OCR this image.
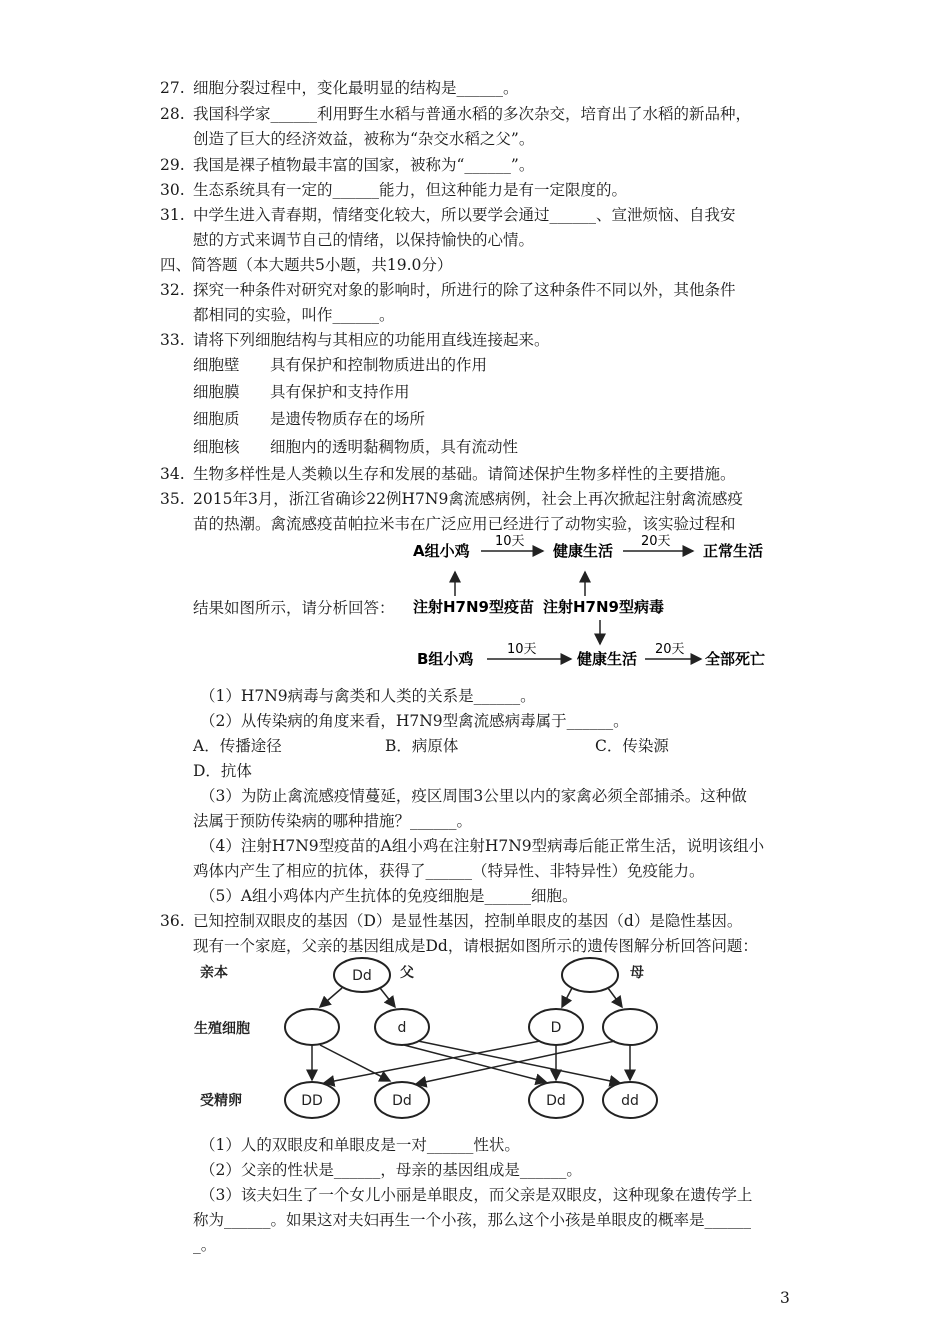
27. 细胞分裂过程中，变化最明显的结构是______。
28. 我国科学家______利用野生水稻与普通水稻的多次杂交，培育出了水稻的新品种，
创造了巨大的经济效益，被称为“杂交水稻之父”。
29. 我国是裸子植物最丰富的国家，被称为“______”。
30. 生态系统具有一定的______能力，但这种能力是有一定限度的。
31. 中学生进入青春期，情绪变化较大，所以要学会通过______、宣泄烦恼、自我安
慰的方式来调节自己的情绪，以保持愉快的心情。
四、简答题（本大题共5小题，共19.0分）
32. 探究一种条件对研究对象的影响时，所进行的除了这种条件不同以外，其他条件
都相同的实验，叫作______。
33. 请将下列细胞结构与其相应的功能用直线连接起来。
细胞壁 具有保护和控制物质进出的作用
细胞膜 具有保护和支持作用
细胞质 是遗传物质存在的场所
细胞核 细胞内的透明黏稠物质，具有流动性
34. 生物多样性是人类赖以生存和发展的基础。请简述保护生物多样性的主要措施。
35. 2015年3月，浙江省确诊22例H7N9禽流感病例，社会上再次掀起注射禽流感疫
苗的热潮。禽流感疫苗帕拉米韦在广泛应用已经进行了动物实验，该实验过程和
结果如图所示，请分析回答：
A组小鸡
10天
健康生活
20天
正常生活
注射H7N9型疫苗 注射H7N9型病毒
B组小鸡
10天
健康生活
20天
全部死亡
（1）H7N9病毒与禽类和人类的关系是______。
（2）从传染病的角度来看，H7N9型禽流感病毒属于______。
A．传播途径	B．病原体	C．传染源
D．抗体
（3）为防止禽流感疫情蔓延，疫区周围3公里以内的家禽必须全部捕杀。这种做
法属于预防传染病的哪种措施？______。
（4）注射H7N9型疫苗的A组小鸡在注射H7N9型病毒后能正常生活，说明该组小
鸡体内产生了相应的抗体，获得了______（特异性、非特异性）免疫能力。
（5）A组小鸡体内产生抗体的免疫细胞是______细胞。
36. 已知控制双眼皮的基因（D）是显性基因，控制单眼皮的基因（d）是隐性基因。
现有一个家庭，父亲的基因组成是Dd，请根据如图所示的遗传图解分析回答问题：
亲本
生殖细胞
受精卵
父	母
Dd
d	D
DD	Dd	Dd	dd
（1）人的双眼皮和单眼皮是一对______性状。
（2）父亲的性状是______，母亲的基因组成是______。
（3）该夫妇生了一个女儿小丽是单眼皮，而父亲是双眼皮，这种现象在遗传学上
称为______。如果这对夫妇再生一个小孩，那么这个小孩是单眼皮的概率是______
_。
3
